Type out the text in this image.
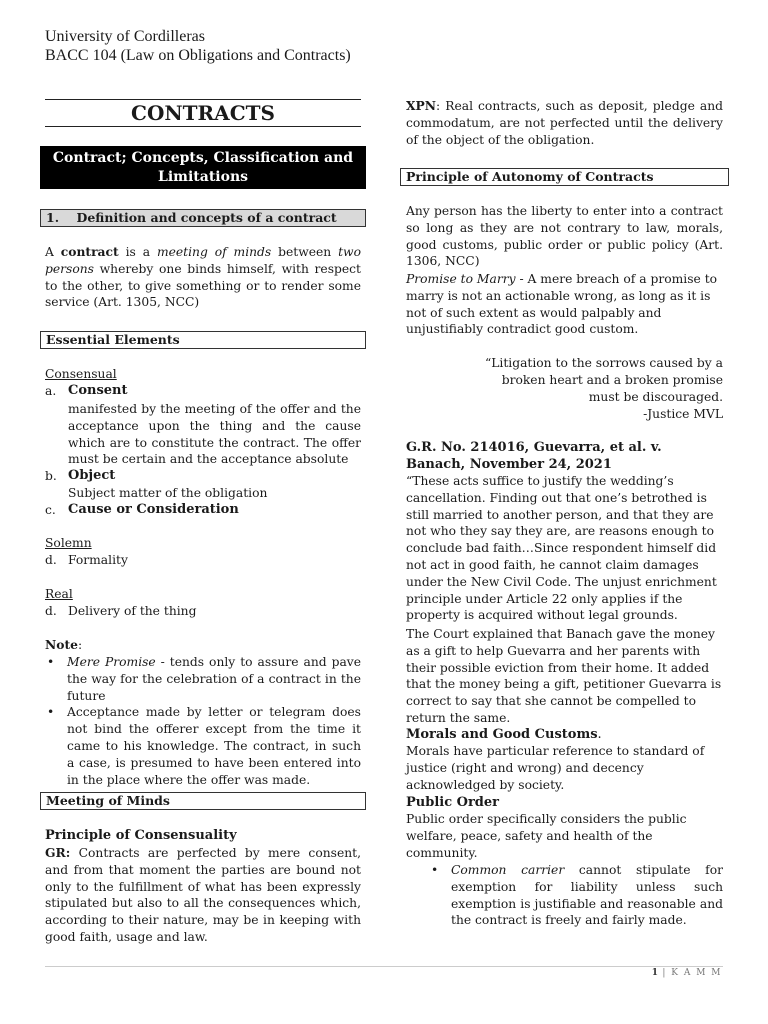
University of Cordilleras
BACC 104 (Law on Obligations and Contracts)
CONTRACTS
Contract; Concepts, Classification and Limitations
1. Definition and concepts of a contract
A contract is a meeting of minds between two persons whereby one binds himself, with respect to the other, to give something or to render some service (Art. 1305, NCC)
Essential Elements
Consensual
a. Consent
manifested by the meeting of the offer and the acceptance upon the thing and the cause which are to constitute the contract. The offer must be certain and the acceptance absolute
b. Object
Subject matter of the obligation
c. Cause or Consideration
Solemn
d. Formality
Real
d. Delivery of the thing
Note:
• Mere Promise - tends only to assure and pave the way for the celebration of a contract in the future
• Acceptance made by letter or telegram does not bind the offerer except from the time it came to his knowledge. The contract, in such a case, is presumed to have been entered into in the place where the offer was made.
Meeting of Minds
Principle of Consensuality
GR: Contracts are perfected by mere consent, and from that moment the parties are bound not only to the fulfillment of what has been expressly stipulated but also to all the consequences which, according to their nature, may be in keeping with good faith, usage and law.
XPN: Real contracts, such as deposit, pledge and commodatum, are not perfected until the delivery of the object of the obligation.
Principle of Autonomy of Contracts
Any person has the liberty to enter into a contract so long as they are not contrary to law, morals, good customs, public order or public policy (Art. 1306, NCC)
Promise to Marry - A mere breach of a promise to marry is not an actionable wrong, as long as it is not of such extent as would palpably and unjustifiably contradict good custom.
“Litigation to the sorrows caused by a broken heart and a broken promise must be discouraged.
-Justice MVL
G.R. No. 214016, Guevarra, et al. v. Banach, November 24, 2021
“These acts suffice to justify the wedding’s cancellation. Finding out that one’s betrothed is still married to another person, and that they are not who they say they are, are reasons enough to conclude bad faith…Since respondent himself did not act in good faith, he cannot claim damages under the New Civil Code. The unjust enrichment principle under Article 22 only applies if the property is acquired without legal grounds.
The Court explained that Banach gave the money as a gift to help Guevarra and her parents with their possible eviction from their home. It added that the money being a gift, petitioner Guevarra is correct to say that she cannot be compelled to return the same.
Morals and Good Customs.
Morals have particular reference to standard of justice (right and wrong) and decency acknowledged by society.
Public Order
Public order specifically considers the public welfare, peace, safety and health of the community.
• Common carrier cannot stipulate for exemption for liability unless such exemption is justifiable and reasonable and the contract is freely and fairly made.
1 | K A M M
